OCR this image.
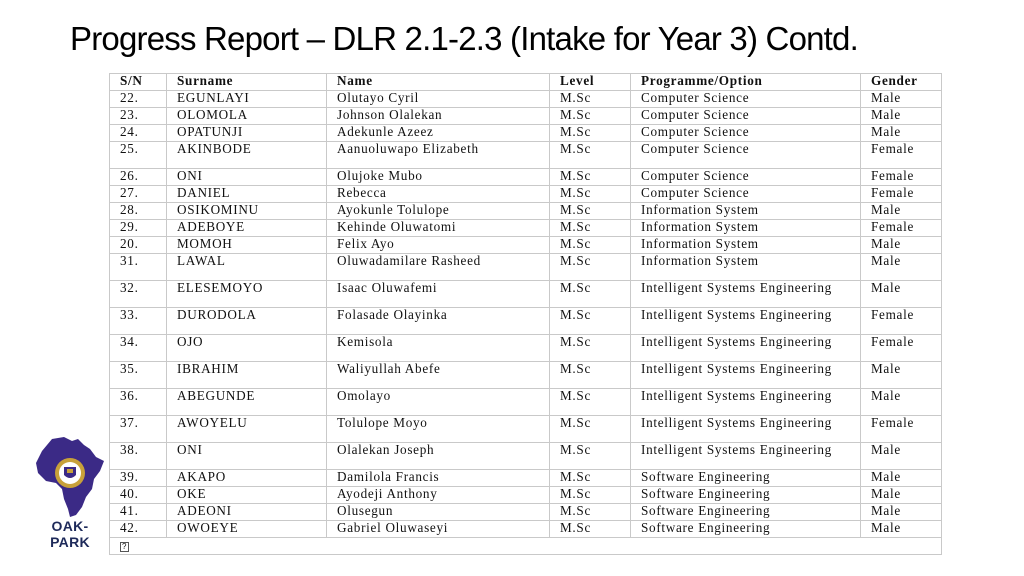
Progress Report – DLR 2.1-2.3 (Intake for Year 3) Contd.
S/N	Surname	Name	Level	Programme/Option	Gender
22.	EGUNLAYI	Olutayo Cyril	M.Sc	Computer Science	Male
23.	OLOMOLA	Johnson Olalekan	M.Sc	Computer Science	Male
24.	OPATUNJI	Adekunle Azeez	M.Sc	Computer Science	Male
25.	AKINBODE	Aanuoluwapo Elizabeth	M.Sc	Computer Science	Female
26.	ONI	Olujoke Mubo	M.Sc	Computer Science	Female
27.	DANIEL	Rebecca	M.Sc	Computer Science	Female
28.	OSIKOMINU	Ayokunle Tolulope	M.Sc	Information System	Male
29.	ADEBOYE	Kehinde Oluwatomi	M.Sc	Information System	Female
20.	MOMOH	Felix Ayo	M.Sc	Information System	Male
31.	LAWAL	Oluwadamilare Rasheed	M.Sc	Information System	Male
32.	ELESEMOYO	Isaac Oluwafemi	M.Sc	Intelligent Systems Engineering	Male
33.	DURODOLA	Folasade Olayinka	M.Sc	Intelligent Systems Engineering	Female
34.	OJO	Kemisola	M.Sc	Intelligent Systems Engineering	Female
35.	IBRAHIM	Waliyullah Abefe	M.Sc	Intelligent Systems Engineering	Male
36.	ABEGUNDE	Omolayo	M.Sc	Intelligent Systems Engineering	Male
37.	AWOYELU	Tolulope Moyo	M.Sc	Intelligent Systems Engineering	Female
38.	ONI	Olalekan Joseph	M.Sc	Intelligent Systems Engineering	Male
39.	AKAPO	Damilola Francis	M.Sc	Software Engineering	Male
40.	OKE	Ayodeji Anthony	M.Sc	Software Engineering	Male
41.	ADEONI	Olusegun	M.Sc	Software Engineering	Male
42.	OWOEYE	Gabriel Oluwaseyi	M.Sc	Software Engineering	Male
?					
OAK-PARK
